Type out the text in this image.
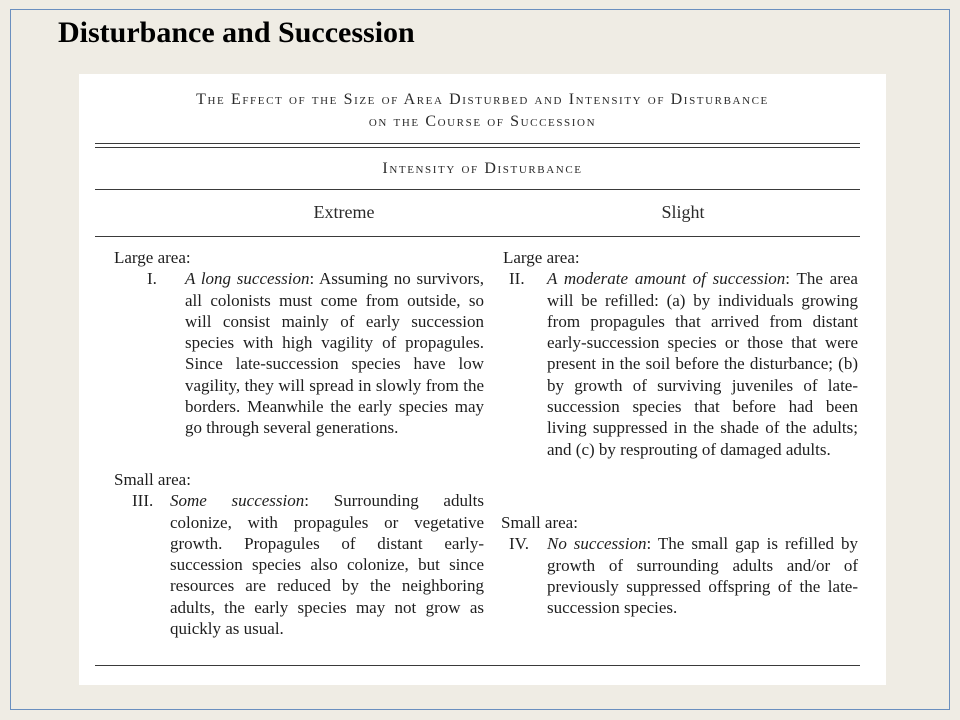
Disturbance and Succession
The Effect of the Size of Area Disturbed and Intensity of Disturbance
on the Course of Succession
Intensity of Disturbance
Extreme	Slight
Large area:
I. A long succession: Assuming no survivors, all colonists must come from outside, so will consist mainly of early succession species with high vagility of propagules. Since late-succession species have low vagility, they will spread in slowly from the borders. Meanwhile the early species may go through several generations.
Large area:
II. A moderate amount of succession: The area will be refilled: (a) by individuals growing from propagules that arrived from distant early-succession species or those that were present in the soil before the disturbance; (b) by growth of surviving juveniles of late-succession species that before had been living suppressed in the shade of the adults; and (c) by resprouting of damaged adults.
Small area:
III. Some succession: Surrounding adults colonize, with propagules or vegetative growth. Propagules of distant early-succession species also colonize, but since resources are reduced by the neighboring adults, the early species may not grow as quickly as usual.
Small area:
IV. No succession: The small gap is refilled by growth of surrounding adults and/or of previously suppressed offspring of the late-succession species.
